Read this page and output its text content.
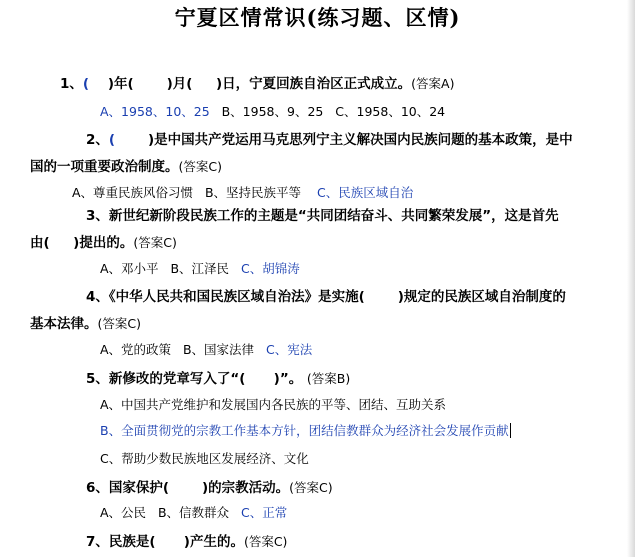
宁夏区情常识(练习题、区情)
1、( )年( )月( )日，宁夏回族自治区正式成立。(答案A)
A、1958、10、25 B、1958、9、25 C、1958、10、24
2、( )是中国共产党运用马克思列宁主义解决国内民族问题的基本政策，是中
国的一项重要政治制度。(答案C)
A、尊重民族风俗习惯 B、坚持民族平等 C、民族区域自治
3、新世纪新阶段民族工作的主题是“共同团结奋斗、共同繁荣发展”，这是首先
由( )提出的。(答案C)
A、邓小平 B、江泽民 C、胡锦涛
4、《中华人民共和国民族区域自治法》是实施( )规定的民族区域自治制度的
基本法律。(答案C)
A、党的政策 B、国家法律 C、宪法
5、新修改的党章写入了“( )”。 (答案B)
A、中国共产党维护和发展国内各民族的平等、团结、互助关系
B、全面贯彻党的宗教工作基本方针，团结信教群众为经济社会发展作贡献
C、帮助少数民族地区发展经济、文化
6、国家保护( )的宗教活动。(答案C)
A、公民 B、信教群众 C、正常
7、民族是( )产生的。(答案C)
